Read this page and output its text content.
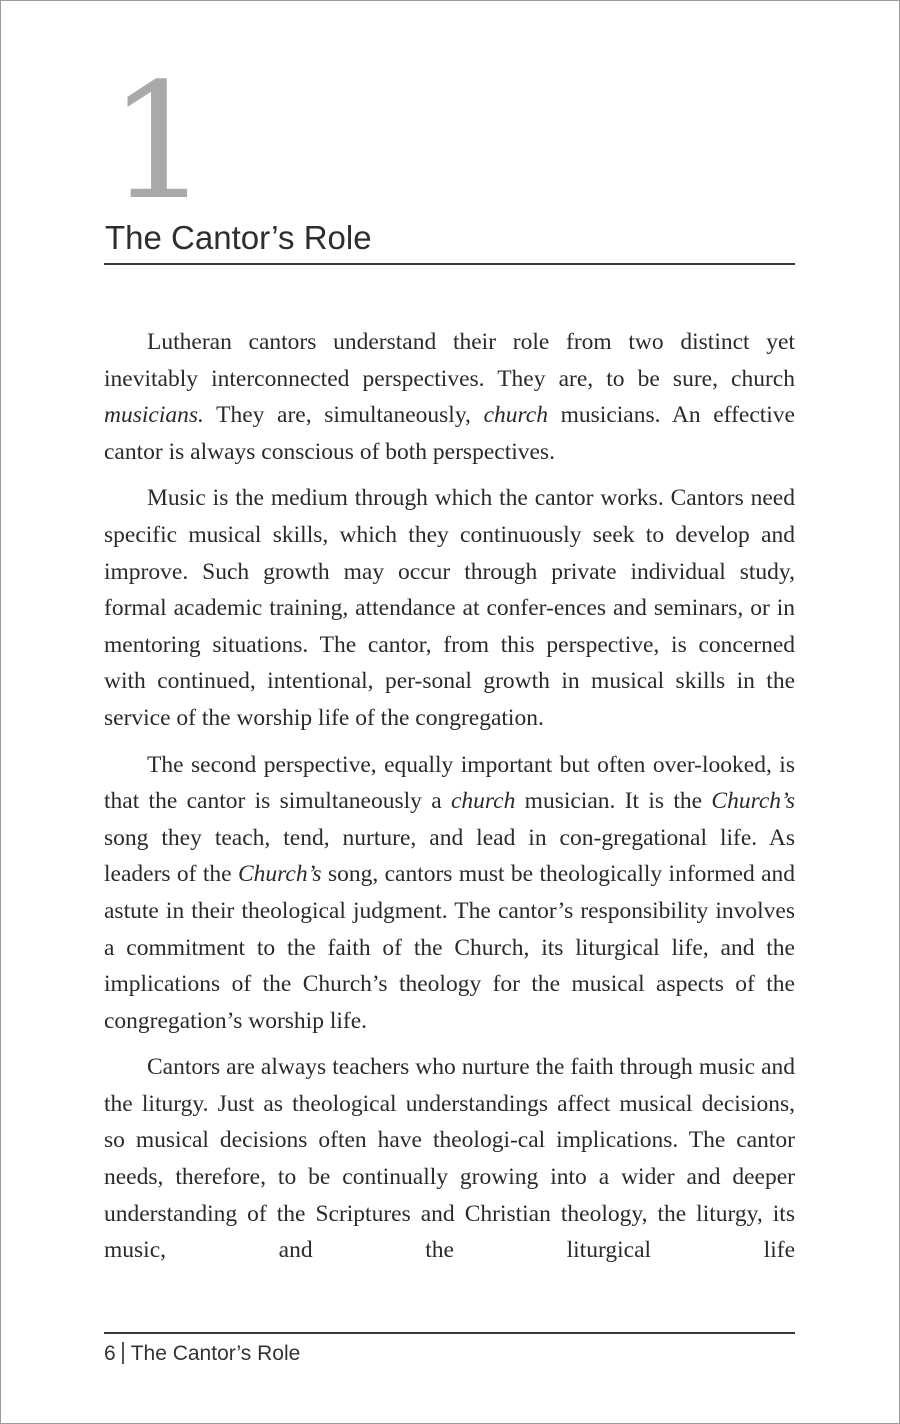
1
The Cantor’s Role

Lutheran cantors understand their role from two distinct yet inevitably interconnected perspectives. They are, to be sure, church musicians. They are, simultaneously, church musicians. An effective cantor is always conscious of both perspectives.

Music is the medium through which the cantor works. Cantors need specific musical skills, which they continuously seek to develop and improve. Such growth may occur through private individual study, formal academic training, attendance at confer-​ences and seminars, or in mentoring situations. The cantor, from this perspective, is concerned with continued, intentional, per-​sonal growth in musical skills in the service of the worship life of the congregation.

The second perspective, equally important but often over-​looked, is that the cantor is simultaneously a church musician. It is the Church’s song they teach, tend, nurture, and lead in con-​gregational life. As leaders of the Church’s song, cantors must be theologically informed and astute in their theological judgment. The cantor’s responsibility involves a commitment to the faith of the Church, its liturgical life, and the implications of the Church’s theology for the musical aspects of the congregation’s worship life.

Cantors are always teachers who nurture the faith through music and the liturgy. Just as theological understandings affect musical decisions, so musical decisions often have theologi-​cal implications. The cantor needs, therefore, to be continually growing into a wider and deeper understanding of the Scriptures and Christian theology, the liturgy, its music, and the liturgical life

6 The Cantor’s Role
